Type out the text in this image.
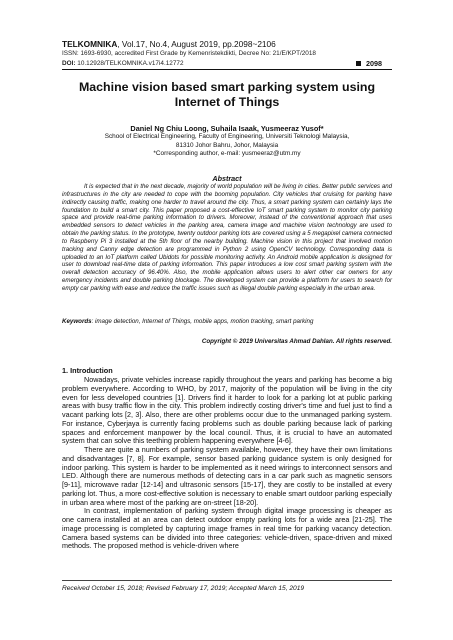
TELKOMNIKA, Vol.17, No.4, August 2019, pp.2098~2106
ISSN: 1693-6930, accredited First Grade by Kemenristekdikti, Decree No: 21/E/KPT/2018
DOI: 10.12928/TELKOMNIKA.v17i4.12772	2098
Machine vision based smart parking system using Internet of Things
Daniel Ng Chiu Loong, Suhaila Isaak, Yusmeeraz Yusof*
School of Electrical Engineering, Faculty of Engineering, Universiti Teknologi Malaysia,
81310 Johor Bahru, Johor, Malaysia
*Corresponding author, e-mail: yusmeeraz@utm.my
Abstract
It is expected that in the next decade, majority of world population will be living in cities. Better public services and infrastructures in the city are needed to cope with the booming population. City vehicles that cruising for parking have indirectly causing traffic, making one harder to travel around the city. Thus, a smart parking system can certainly lays the foundation to build a smart city. This paper proposed a cost-effective IoT smart parking system to monitor city parking space and provide real-time parking information to drivers. Moreover, instead of the conventional approach that uses embedded sensors to detect vehicles in the parking area, camera image and machine vision technology are used to obtain the parking status. In the prototype, twenty outdoor parking lots are covered using a 5 megapixel camera connected to Raspberry Pi 3 installed at the 5th floor of the nearby building. Machine vision in this project that involved motion tracking and Canny edge detection are programmed in Python 2 using OpenCV technology. Corresponding data is uploaded to an IoT platform called Ubidots for possible monitoring activity. An Android mobile application is designed for user to download real-time data of parking information. This paper introduces a low cost smart parking system with the overall detection accuracy of 96.40%. Also, the mobile application allows users to alert other car owners for any emergency incidents and double parking blockage. The developed system can provide a platform for users to search for empty car parking with ease and reduce the traffic issues such as illegal double parking especially in the urban area.
Keywords: image detection, Internet of Things, mobile apps, motion tracking, smart parking
Copyright © 2019 Universitas Ahmad Dahlan. All rights reserved.
1. Introduction

Nowadays, private vehicles increase rapidly throughout the years and parking has become a big problem everywhere. According to WHO, by 2017, majority of the population will be living in the city even for less developed countries [1]. Drivers find it harder to look for a parking lot at public parking areas with busy traffic flow in the city. This problem indirectly costing driver's time and fuel just to find a vacant parking lots [2, 3]. Also, there are other problems occur due to the unmanaged parking system. For instance, Cyberjaya is currently facing problems such as double parking because lack of parking spaces and enforcement manpower by the local council. Thus, it is crucial to have an automated system that can solve this teething problem happening everywhere [4-6].

There are quite a numbers of parking system available, however, they have their own limitations and disadvantages [7, 8]. For example, sensor based parking guidance system is only designed for indoor parking. This system is harder to be implemented as it need wirings to interconnect sensors and LED. Although there are numerous methods of detecting cars in a car park such as magnetic sensors [9-11], microwave radar [12-14] and ultrasonic sensors [15-17], they are costly to be installed at every parking lot. Thus, a more cost-effective solution is necessary to enable smart outdoor parking especially in urban area where most of the parking are on-street [18-20].

In contrast, implementation of parking system through digital image processing is cheaper as one camera installed at an area can detect outdoor empty parking lots for a wide area [21-25]. The image processing is completed by capturing image frames in real time for parking vacancy detection. Camera based systems can be divided into three categories: vehicle-driven, space-driven and mixed methods. The proposed method is vehicle-driven where

Received October 15, 2018; Revised February 17, 2019; Accepted March 15, 2019
